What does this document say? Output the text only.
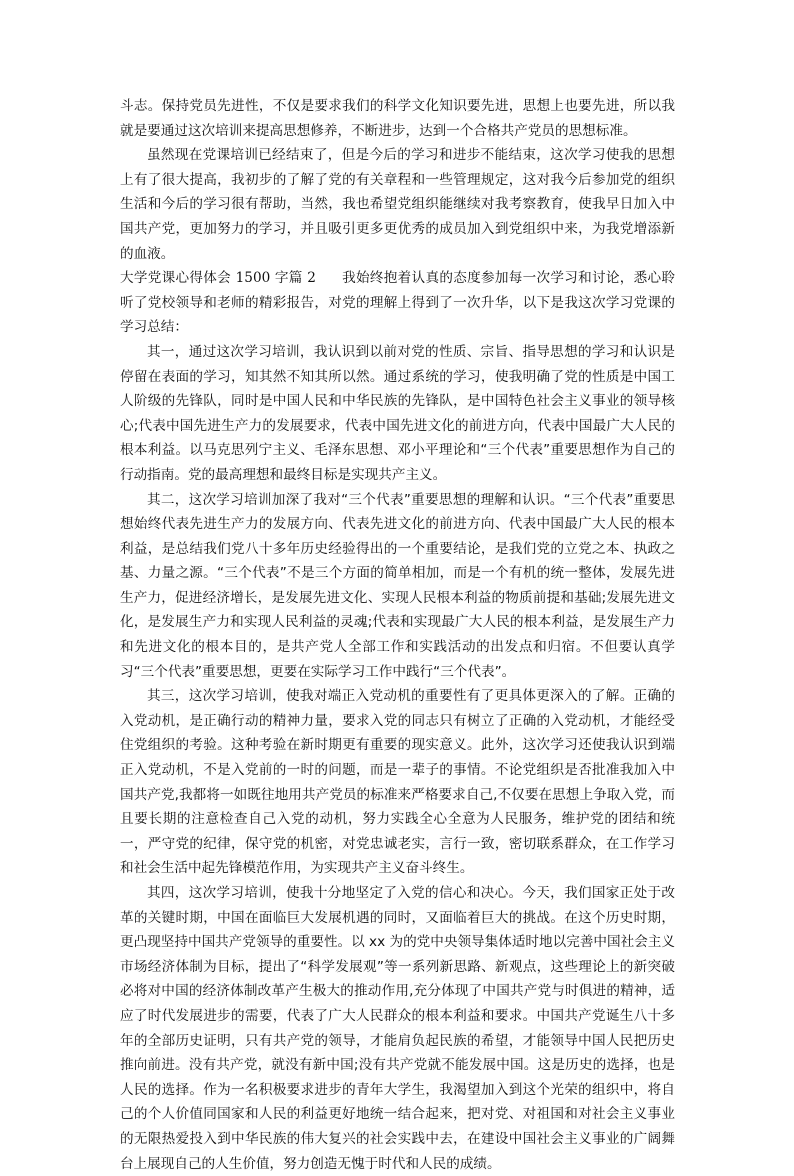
斗志。保持党员先进性，不仅是要求我们的科学文化知识要先进，思想上也要先进，所以我就是要通过这次培训来提高思想修养，不断进步，达到一个合格共产党员的思想标准。

虽然现在党课培训已经结束了，但是今后的学习和进步不能结束，这次学习使我的思想上有了很大提高，我初步的了解了党的有关章程和一些管理规定，这对我今后参加党的组织生活和今后的学习很有帮助，当然，我也希望党组织能继续对我考察教育，使我早日加入中国共产党，更加努力的学习，并且吸引更多更优秀的成员加入到党组织中来，为我党增添新的血液。

大学党课心得体会 1500 字篇 2 我始终抱着认真的态度参加每一次学习和讨论，悉心聆听了党校领导和老师的精彩报告，对党的理解上得到了一次升华，以下是我这次学习党课的学习总结：

其一，通过这次学习培训，我认识到以前对党的性质、宗旨、指导思想的学习和认识是停留在表面的学习，知其然不知其所以然。通过系统的学习，使我明确了党的性质是中国工人阶级的先锋队，同时是中国人民和中华民族的先锋队，是中国特色社会主义事业的领导核心;代表中国先进生产力的发展要求，代表中国先进文化的前进方向，代表中国最广大人民的根本利益。以马克思列宁主义、毛泽东思想、邓小平理论和“三个代表”重要思想作为自己的行动指南。党的最高理想和最终目标是实现共产主义。

其二，这次学习培训加深了我对“三个代表”重要思想的理解和认识。“三个代表”重要思想始终代表先进生产力的发展方向、代表先进文化的前进方向、代表中国最广大人民的根本利益，是总结我们党八十多年历史经验得出的一个重要结论，是我们党的立党之本、执政之基、力量之源。“三个代表”不是三个方面的简单相加，而是一个有机的统一整体，发展先进生产力，促进经济增长，是发展先进文化、实现人民根本利益的物质前提和基础;发展先进文化，是发展生产力和实现人民利益的灵魂;代表和实现最广大人民的根本利益，是发展生产力和先进文化的根本目的，是共产党人全部工作和实践活动的出发点和归宿。不但要认真学习“三个代表”重要思想，更要在实际学习工作中践行“三个代表”。

其三，这次学习培训，使我对端正入党动机的重要性有了更具体更深入的了解。正确的入党动机，是正确行动的精神力量，要求入党的同志只有树立了正确的入党动机，才能经受住党组织的考验。这种考验在新时期更有重要的现实意义。此外，这次学习还使我认识到端正入党动机，不是入党前的一时的问题，而是一辈子的事情。不论党组织是否批准我加入中国共产党,我都将一如既往地用共产党员的标准来严格要求自己,不仅要在思想上争取入党，而且要长期的注意检查自己入党的动机，努力实践全心全意为人民服务，维护党的团结和统一，严守党的纪律，保守党的机密，对党忠诚老实，言行一致，密切联系群众，在工作学习和社会生活中起先锋模范作用，为实现共产主义奋斗终生。

其四，这次学习培训，使我十分地坚定了入党的信心和决心。今天，我们国家正处于改革的关键时期，中国在面临巨大发展机遇的同时，又面临着巨大的挑战。在这个历史时期，更凸现坚持中国共产党领导的重要性。以 xx 为的党中央领导集体适时地以完善中国社会主义市场经济体制为目标，提出了“科学发展观”等一系列新思路、新观点，这些理论上的新突破必将对中国的经济体制改革产生极大的推动作用,充分体现了中国共产党与时俱进的精神，适应了时代发展进步的需要，代表了广大人民群众的根本利益和要求。中国共产党诞生八十多年的全部历史证明，只有共产党的领导，才能肩负起民族的希望，才能领导中国人民把历史推向前进。没有共产党，就没有新中国;没有共产党就不能发展中国。这是历史的选择，也是人民的选择。作为一名积极要求进步的青年大学生，我渴望加入到这个光荣的组织中，将自己的个人价值同国家和人民的利益更好地统一结合起来，把对党、对祖国和对社会主义事业的无限热爱投入到中华民族的伟大复兴的社会实践中去，在建设中国社会主义事业的广阔舞台上展现自己的人生价值，努力创造无愧于时代和人民的成绩。
